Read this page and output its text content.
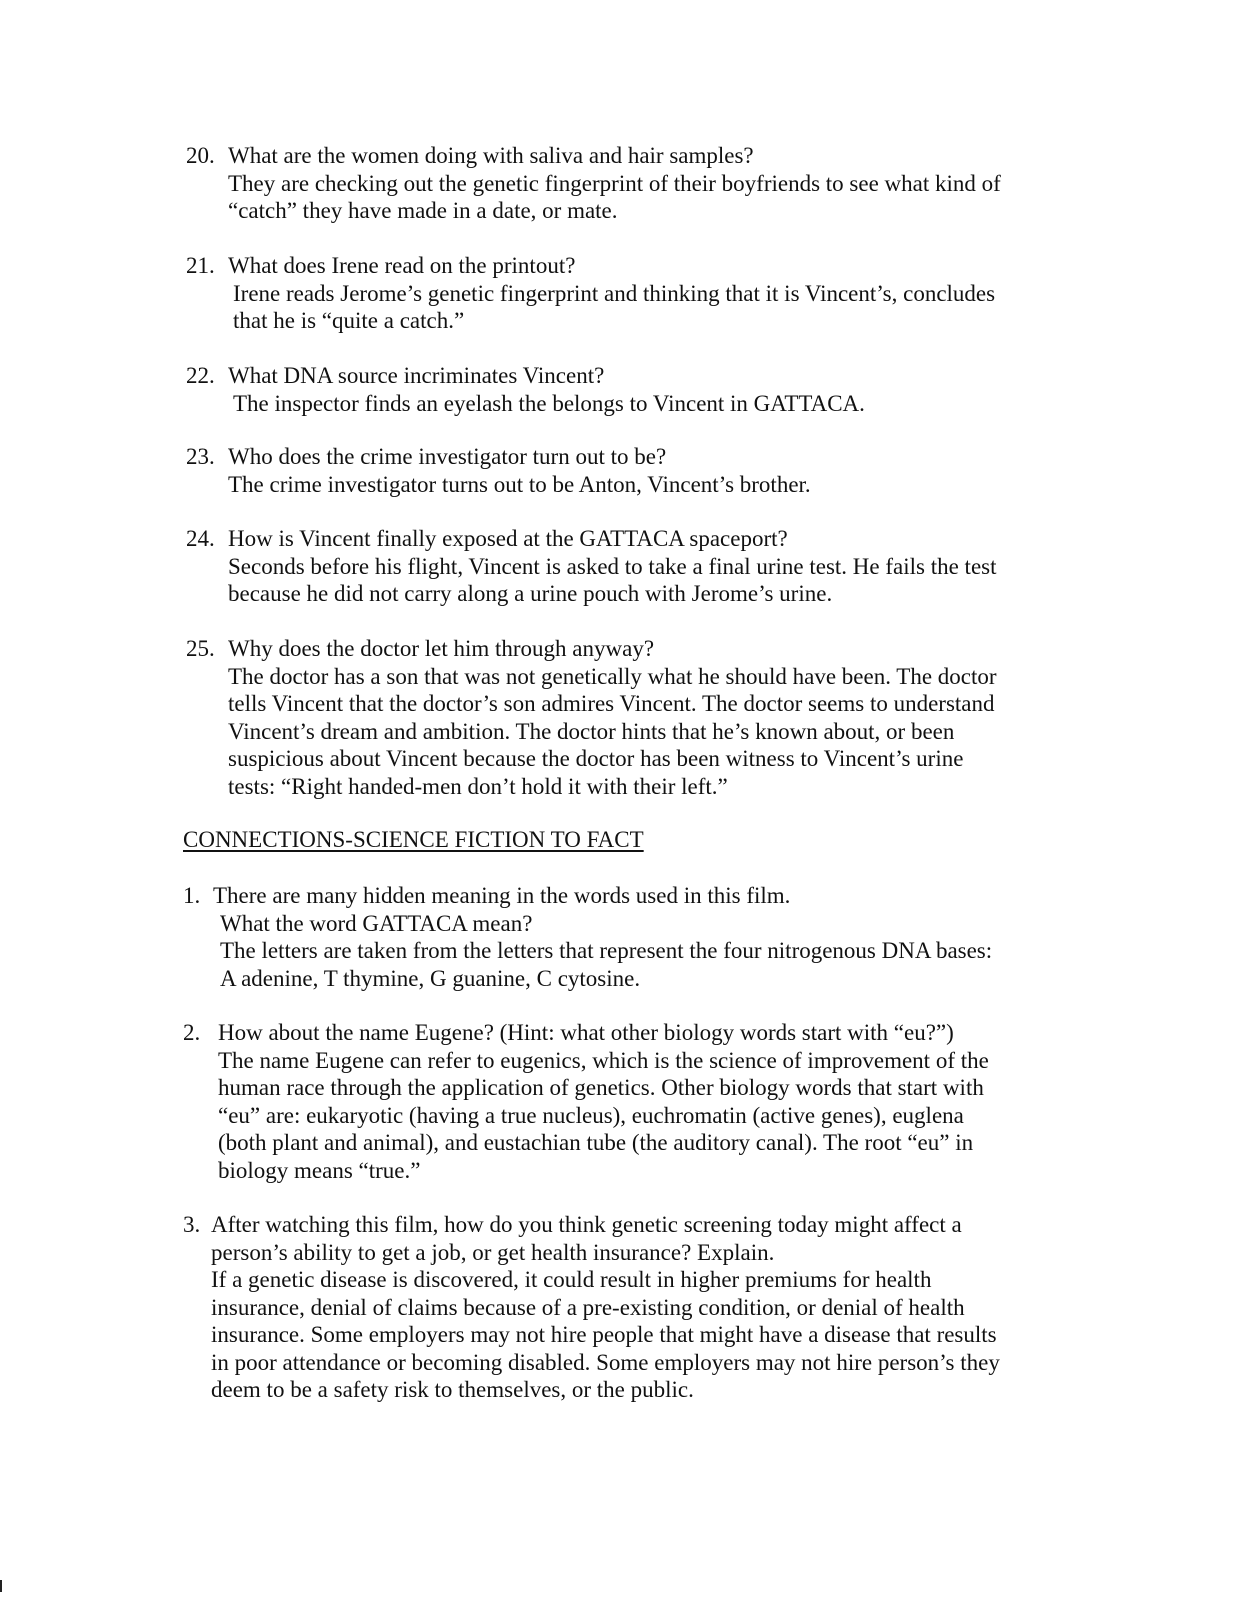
20. What are the women doing with saliva and hair samples?
They are checking out the genetic fingerprint of their boyfriends to see what kind of
“catch” they have made in a date, or mate.
21. What does Irene read on the printout?
Irene reads Jerome’s genetic fingerprint and thinking that it is Vincent’s, concludes
that he is “quite a catch.”
22. What DNA source incriminates Vincent?
The inspector finds an eyelash the belongs to Vincent in GATTACA.
23. Who does the crime investigator turn out to be?
The crime investigator turns out to be Anton, Vincent’s brother.
24. How is Vincent finally exposed at the GATTACA spaceport?
Seconds before his flight, Vincent is asked to take a final urine test. He fails the test
because he did not carry along a urine pouch with Jerome’s urine.
25. Why does the doctor let him through anyway?
The doctor has a son that was not genetically what he should have been. The doctor
tells Vincent that the doctor’s son admires Vincent. The doctor seems to understand
Vincent’s dream and ambition. The doctor hints that he’s known about, or been
suspicious about Vincent because the doctor has been witness to Vincent’s urine
tests: “Right handed-men don’t hold it with their left.”
CONNECTIONS-SCIENCE FICTION TO FACT
1. There are many hidden meaning in the words used in this film.
What the word GATTACA mean?
The letters are taken from the letters that represent the four nitrogenous DNA bases:
A adenine, T thymine, G guanine, C cytosine.
2. How about the name Eugene? (Hint: what other biology words start with “eu?”)
The name Eugene can refer to eugenics, which is the science of improvement of the
human race through the application of genetics. Other biology words that start with
“eu” are: eukaryotic (having a true nucleus), euchromatin (active genes), euglena
(both plant and animal), and eustachian tube (the auditory canal). The root “eu” in
biology means “true.”
3. After watching this film, how do you think genetic screening today might affect a
person’s ability to get a job, or get health insurance? Explain.
If a genetic disease is discovered, it could result in higher premiums for health
insurance, denial of claims because of a pre-existing condition, or denial of health
insurance. Some employers may not hire people that might have a disease that results
in poor attendance or becoming disabled. Some employers may not hire person’s they
deem to be a safety risk to themselves, or the public.
